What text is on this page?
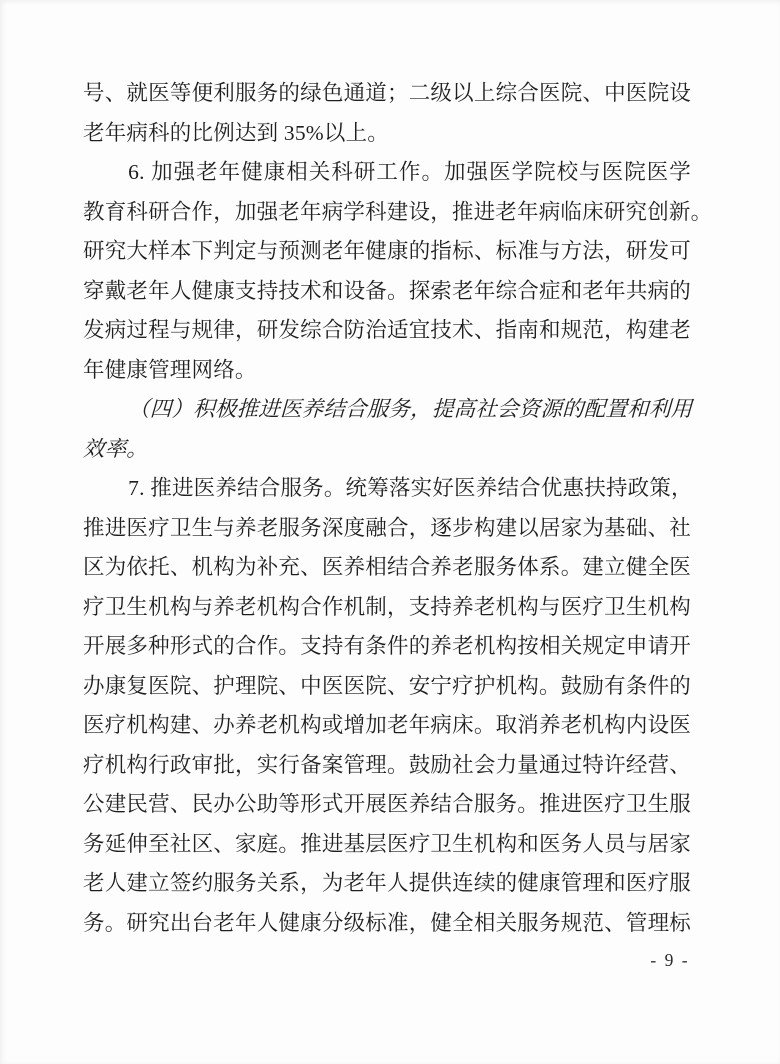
号、就医等便利服务的绿色通道；二级以上综合医院、中医院设
老年病科的比例达到 35%以上。
6. 加强老年健康相关科研工作。加强医学院校与医院医学
教育科研合作，加强老年病学科建设，推进老年病临床研究创新。
研究大样本下判定与预测老年健康的指标、标准与方法，研发可
穿戴老年人健康支持技术和设备。探索老年综合症和老年共病的
发病过程与规律，研发综合防治适宜技术、指南和规范，构建老
年健康管理网络。
（四）积极推进医养结合服务，提高社会资源的配置和利用
效率。
7. 推进医养结合服务。统筹落实好医养结合优惠扶持政策，
推进医疗卫生与养老服务深度融合，逐步构建以居家为基础、社
区为依托、机构为补充、医养相结合养老服务体系。建立健全医
疗卫生机构与养老机构合作机制，支持养老机构与医疗卫生机构
开展多种形式的合作。支持有条件的养老机构按相关规定申请开
办康复医院、护理院、中医医院、安宁疗护机构。鼓励有条件的
医疗机构建、办养老机构或增加老年病床。取消养老机构内设医
疗机构行政审批，实行备案管理。鼓励社会力量通过特许经营、
公建民营、民办公助等形式开展医养结合服务。推进医疗卫生服
务延伸至社区、家庭。推进基层医疗卫生机构和医务人员与居家
老人建立签约服务关系，为老年人提供连续的健康管理和医疗服
务。研究出台老年人健康分级标准，健全相关服务规范、管理标
- 9 -
